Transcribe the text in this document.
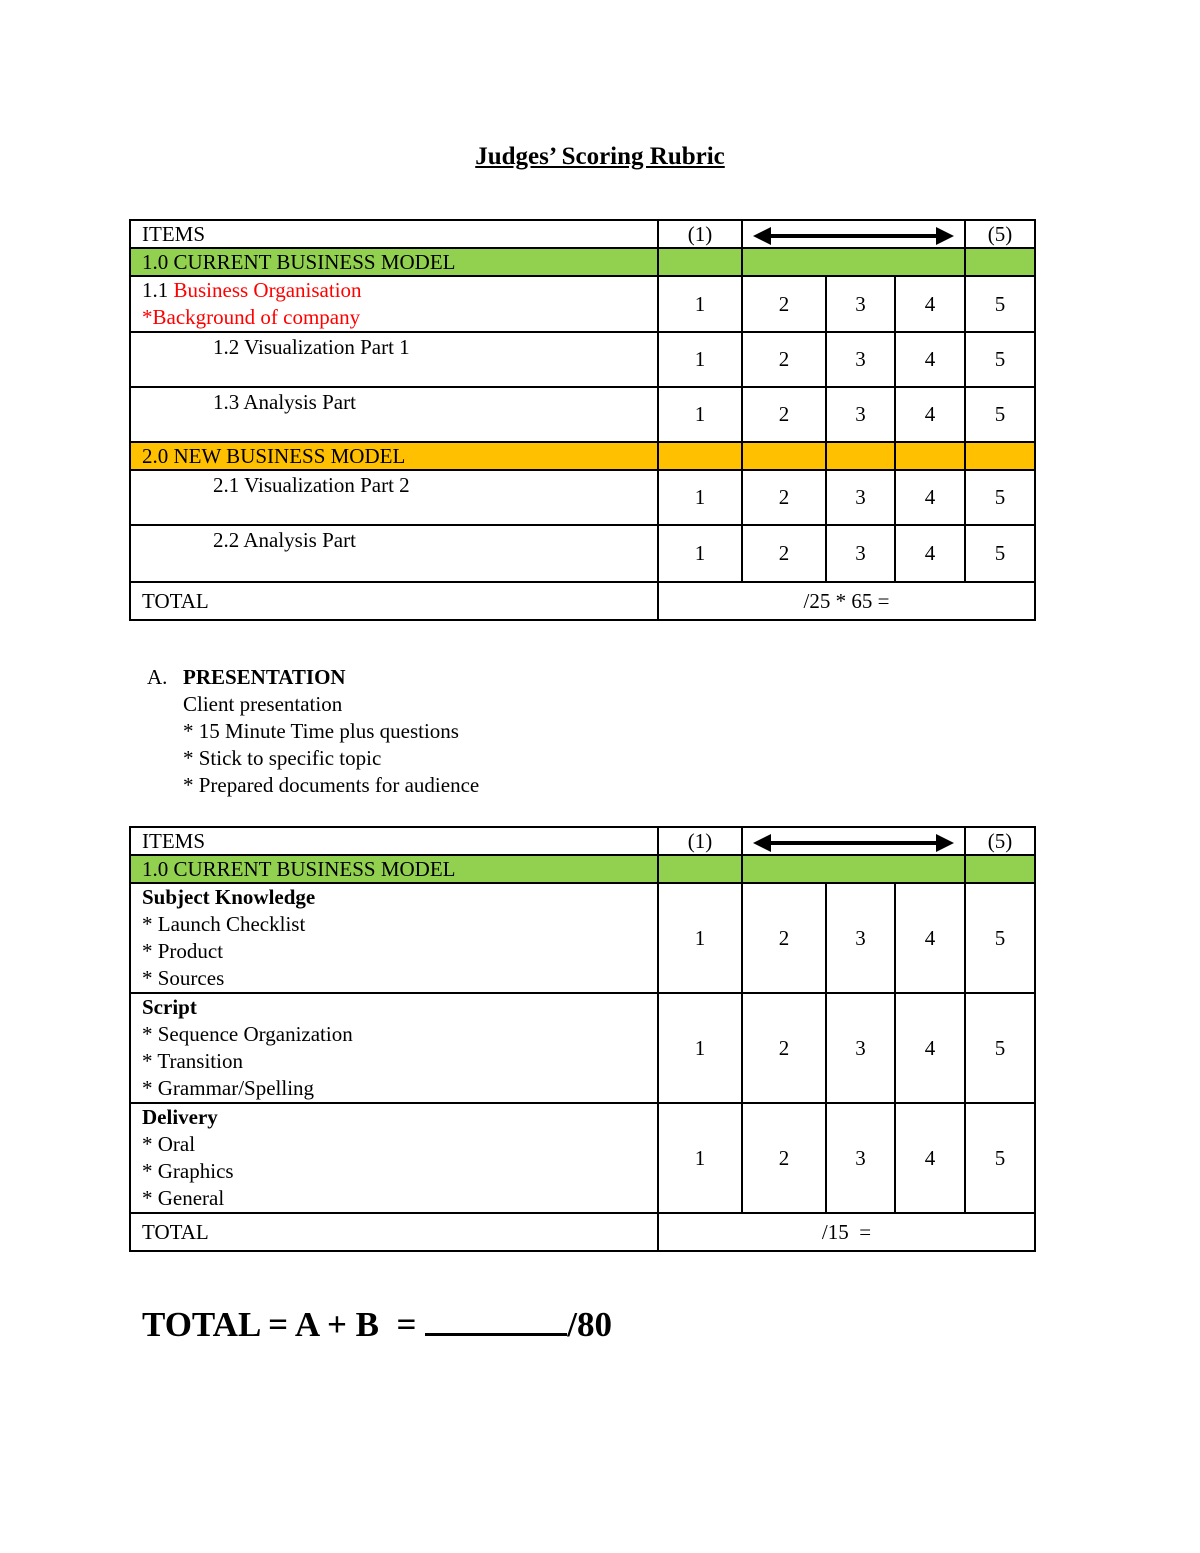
Judges’ Scoring Rubric
ITEMS	(1)				(5)
1.0 CURRENT BUSINESS MODEL					
1.1 Business Organisation
*Background of company	1	2	3	4	5
1.2 Visualization Part 1	1	2	3	4	5
1.3 Analysis Part	1	2	3	4	5
2.0 NEW BUSINESS MODEL					
2.1 Visualization Part 2	1	2	3	4	5
2.2 Analysis Part	1	2	3	4	5
TOTAL	/25 * 65 =				
A. PRESENTATION
Client presentation
* 15 Minute Time plus questions
* Stick to specific topic
* Prepared documents for audience
ITEMS	(1)				(5)
1.0 CURRENT BUSINESS MODEL					

Subject Knowledge
* Launch Checklist
* Product
* Sources	1	2	3	4	5

Script
* Sequence Organization
* Transition
* Grammar/Spelling	1	2	3	4	5

Delivery
* Oral
* Graphics
* General	1	2	3	4	5
TOTAL	/15  =				
TOTAL = A + B  =	/80
